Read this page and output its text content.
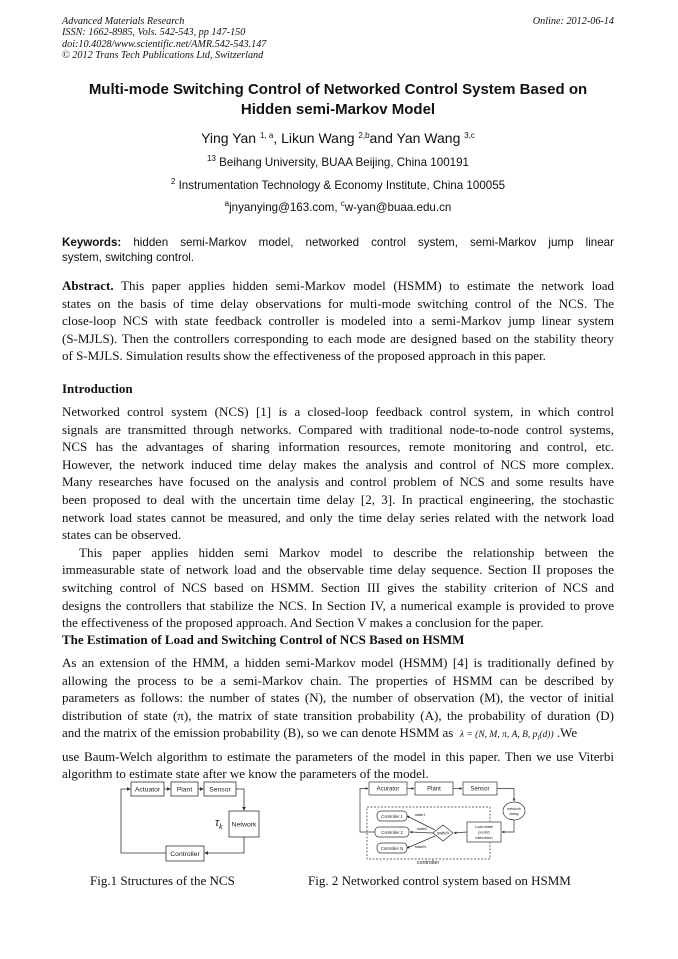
Advanced Materials Research
ISSN: 1662-8985, Vols. 542-543, pp 147-150
doi:10.4028/www.scientific.net/AMR.542-543.147
© 2012 Trans Tech Publications Ltd, Switzerland
Online: 2012-06-14
Multi-mode Switching Control of Networked Control System Based on
Hidden semi-Markov Model
Ying Yan $^{1, a}$, Likun Wang $^{2,b}$and Yan Wang $^{3,c}$
$^{13}$ Beihang University, BUAA Beijing, China 100191
$^2$ Instrumentation Technology & Economy Institute, China 100055
$^a$jnyanying@163.com, $^c$w-yan@buaa.edu.cn
Keywords: hidden semi-Markov model, networked control system, semi-Markov jump linear
system, switching control.
Abstract. This paper applies hidden semi-Markov model (HSMM) to estimate the network load
states on the basis of time delay observations for multi-mode switching control of the NCS. The
close-loop NCS with state feedback controller is modeled into a semi-Markov jump linear system
(S-MJLS). Then the controllers corresponding to each mode are designed based on the stability theory
of S-MJLS. Simulation results show the effectiveness of the proposed approach in this paper.
Introduction
Networked control system (NCS) [1] is a closed-loop feedback control system, in which control
signals are transmitted through networks. Compared with traditional node-to-node control systems,
NCS has the advantages of sharing information resources, remote monitoring and control, etc.
However, the network induced time delay makes the analysis and control of NCS more complex.
Many researches have focused on the analysis and control problem of NCS and some results have
been proposed to deal with the uncertain time delay [2, 3]. In practical engineering, the stochastic
network load states cannot be measured, and only the time delay series related with the network load
states can be observed.
This paper applies hidden semi Markov model to describe the relationship between the
immeasurable state of network load and the observable time delay sequence. Section II proposes the
switching control of NCS based on HSMM. Section III gives the stability criterion of NCS and
designs the controllers that stabilize the NCS. In Section IV, a numerical example is provided to prove
the effectiveness of the proposed approach. And Section V makes a conclusion for the paper.
The Estimation of Load and Switching Control of NCS Based on HSMM
As an extension of the HMM, a hidden semi-Markov model (HSMM) [4] is traditionally defined by
allowing the process to be a semi-Markov chain. The properties of HSMM can be described by
parameters as follows: the number of states (N), the number of observation (M), the vector of initial
distribution of state (π), the matrix of state transition probability (A), the probability of duration (D)
and the matrix of the emission probability (B), so we can denote HSMM as λ = (N, M, π, A, B, $p_i(d)$) .We
use Baum-Welch algorithm to estimate the parameters of the model in this paper. Then we use Viterbi
algorithm to estimate state after we know the parameters of the model.
Actuator Plant Sensor
Network
Controller
$\tau_k$
Fig.1 Structures of the NCS
Acurator	Plant	Sensor
network
delay
Controller 1
Controller 2
Controller N
state1
state2
stateN
switch
Load state
predict
estimation
controller
Fig. 2 Networked control system based on HSMM
